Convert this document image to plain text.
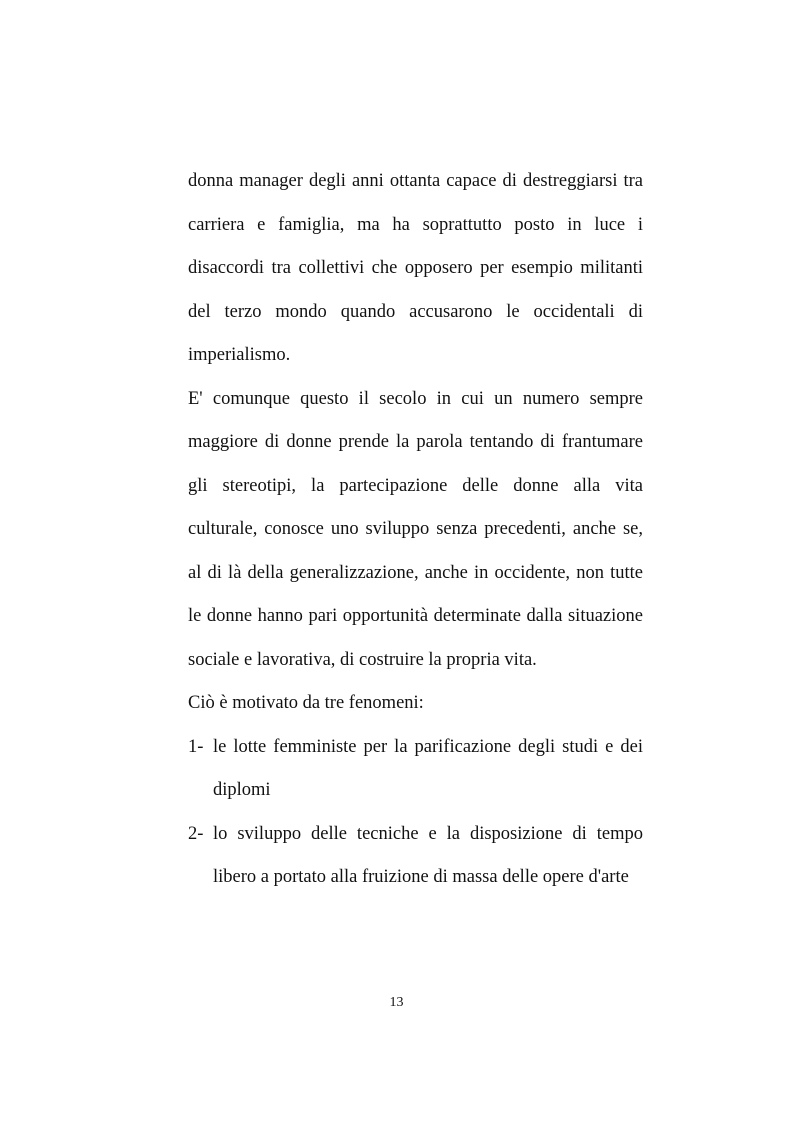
donna manager degli anni ottanta capace di destreggiarsi tra carriera e famiglia, ma ha soprattutto posto in luce i disaccordi tra collettivi che opposero per esempio militanti del terzo mondo quando accusarono le occidentali di imperialismo.

E' comunque questo il secolo in cui un numero sempre maggiore di donne prende la parola tentando di frantumare gli stereotipi, la partecipazione delle donne alla vita culturale, conosce uno sviluppo senza precedenti, anche se, al di là della generalizzazione, anche in occidente, non tutte le donne hanno pari opportunità determinate dalla situazione sociale e lavorativa, di costruire la propria vita.

Ciò è motivato da tre fenomeni:

1- le lotte femministe per la parificazione degli studi e dei diplomi
2- lo sviluppo delle tecniche e la disposizione di tempo libero a portato alla fruizione di massa delle opere d'arte
13
